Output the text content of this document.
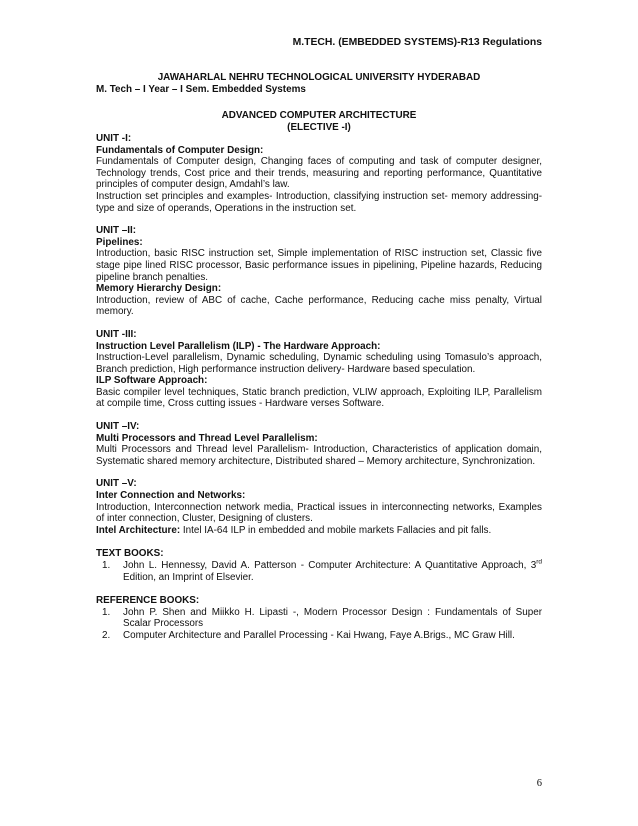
M.TECH. (EMBEDDED SYSTEMS)-R13 Regulations
JAWAHARLAL NEHRU TECHNOLOGICAL UNIVERSITY HYDERABAD
M. Tech – I Year – I Sem. Embedded Systems
ADVANCED COMPUTER ARCHITECTURE
(ELECTIVE -I)
UNIT -I:
Fundamentals of Computer Design:

Fundamentals of Computer design, Changing faces of computing and task of computer designer, Technology trends, Cost price and their trends, measuring and reporting performance, Quantitative principles of computer design, Amdahl’s law.

Instruction set principles and examples- Introduction, classifying instruction set- memory addressing- type and size of operands, Operations in the instruction set.

UNIT –II:
Pipelines:

Introduction, basic RISC instruction set, Simple implementation of RISC instruction set, Classic five stage pipe lined RISC processor, Basic performance issues in pipelining, Pipeline hazards, Reducing pipeline branch penalties.

Memory Hierarchy Design:

Introduction, review of ABC of cache, Cache performance, Reducing cache miss penalty, Virtual memory.

UNIT -III:
Instruction Level Parallelism (ILP) - The Hardware Approach:

Instruction-Level parallelism, Dynamic scheduling, Dynamic scheduling using Tomasulo’s approach, Branch prediction, High performance instruction delivery- Hardware based speculation.

ILP Software Approach:

Basic compiler level techniques, Static branch prediction, VLIW approach, Exploiting ILP, Parallelism at compile time, Cross cutting issues - Hardware verses Software.

UNIT –IV:
Multi Processors and Thread Level Parallelism:

Multi Processors and Thread level Parallelism- Introduction, Characteristics of application domain, Systematic shared memory architecture, Distributed shared – Memory architecture, Synchronization.

UNIT –V:
Inter Connection and Networks:

Introduction, Interconnection network media, Practical issues in interconnecting networks, Examples of inter connection, Cluster, Designing of clusters.

Intel Architecture: Intel IA-64 ILP in embedded and mobile markets Fallacies and pit falls.

TEXT BOOKS:
1. John L. Hennessy, David A. Patterson - Computer Architecture: A Quantitative Approach, 3rd Edition, an Imprint of Elsevier.
REFERENCE BOOKS:
1. John P. Shen and Miikko H. Lipasti -, Modern Processor Design : Fundamentals of Super Scalar Processors
2. Computer Architecture and Parallel Processing - Kai Hwang, Faye A.Brigs., MC Graw Hill.
6
